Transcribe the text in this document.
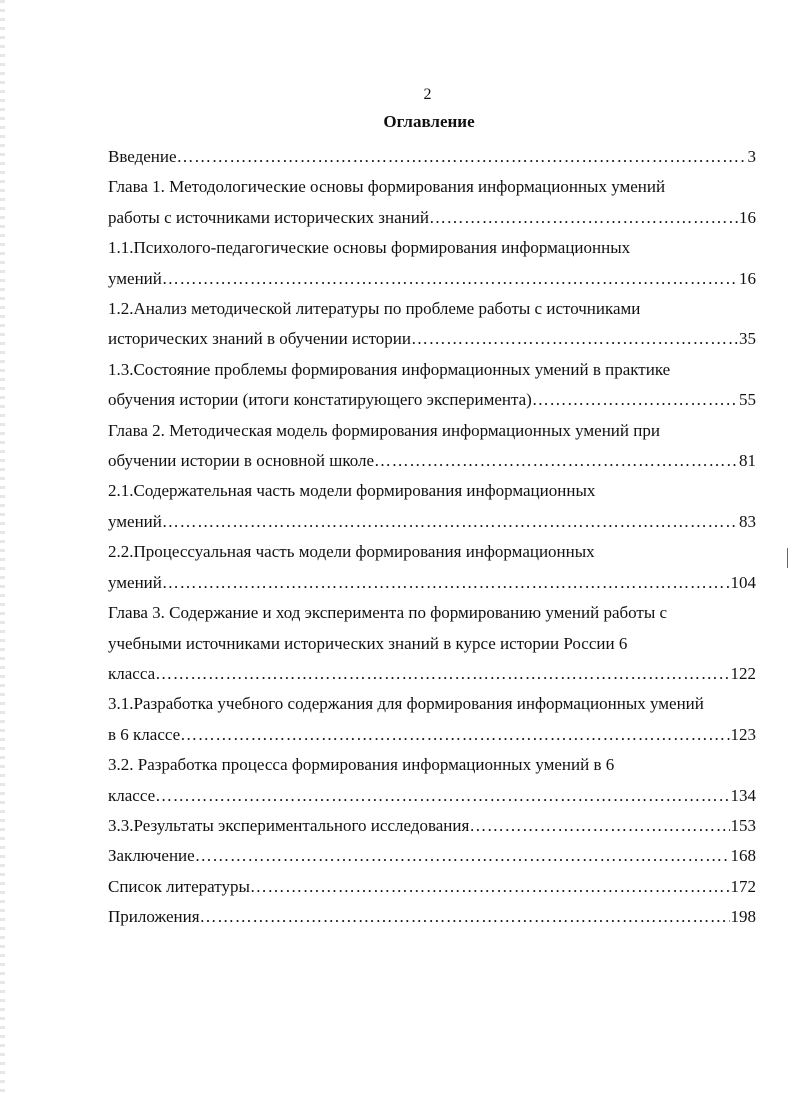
2
Оглавление
Введение ………………………………………………………………………………………………………………………………………………………………	3
Глава 1. Методологические основы формирования информационных умений
работы с источниками исторических знаний ………………………………………………………………………………………………………………………………………………………………	16
1.1.Психолого-педагогические основы формирования информационных
умений ………………………………………………………………………………………………………………………………………………………………	16
1.2.Анализ методической литературы по проблеме работы с источниками
исторических знаний в обучении истории ………………………………………………………………………………………………………………………………………………………………	35
1.3.Состояние проблемы формирования информационных умений в практике
обучения истории (итоги констатирующего эксперимента) ………………………………………………………………………………………………………………………………………………………………	55
Глава 2. Методическая модель формирования информационных умений при
обучении истории в основной школе ………………………………………………………………………………………………………………………………………………………………	81
2.1.Содержательная часть модели формирования информационных
умений ………………………………………………………………………………………………………………………………………………………………	83
2.2.Процессуальная часть модели формирования информационных
умений ………………………………………………………………………………………………………………………………………………………………	104
Глава 3. Содержание и ход эксперимента по формированию умений работы с
учебными источниками исторических знаний в курсе истории России 6
класса ………………………………………………………………………………………………………………………………………………………………	122
3.1.Разработка учебного содержания для формирования информационных умений
в 6 классе ………………………………………………………………………………………………………………………………………………………………	123
3.2. Разработка процесса формирования информационных умений в 6
классе ………………………………………………………………………………………………………………………………………………………………	134
3.3.Результаты экспериментального исследования ………………………………………………………………………………………………………………………………………………………………	153
Заключение ………………………………………………………………………………………………………………………………………………………………	168
Список литературы ………………………………………………………………………………………………………………………………………………………………	172
Приложения ………………………………………………………………………………………………………………………………………………………………	198
